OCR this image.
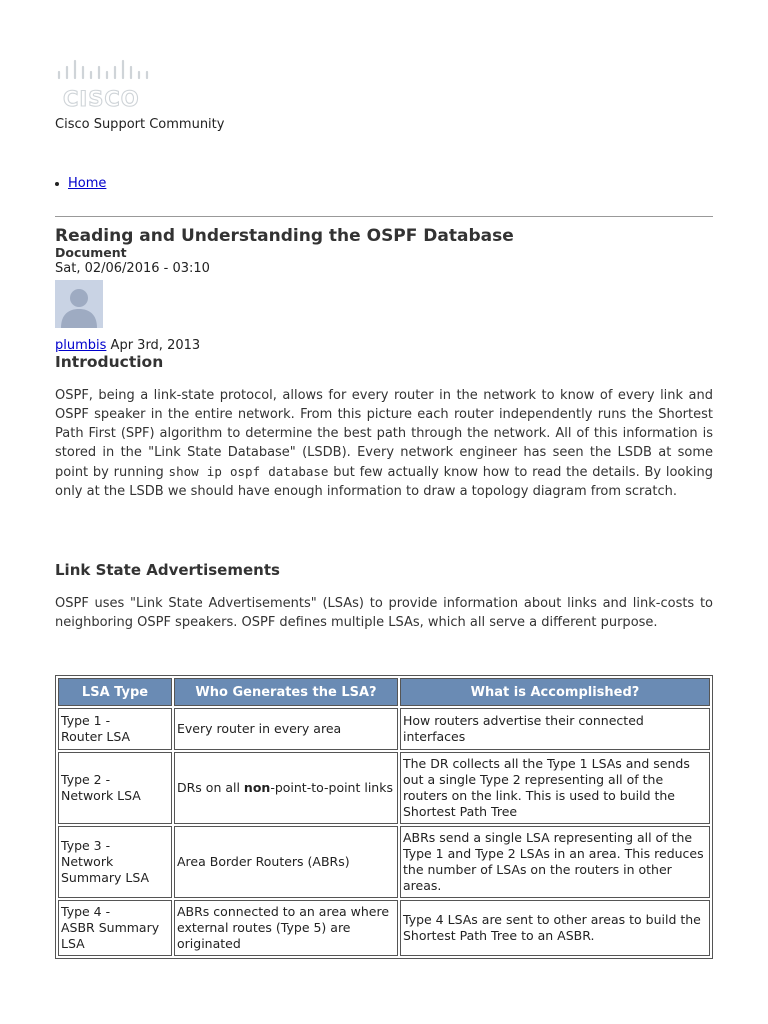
CISCO
Cisco Support Community
Home
Reading and Understanding the OSPF Database
Document
Sat, 02/06/2016 - 03:10
plumbis Apr 3rd, 2013
Introduction

OSPF, being a link-state protocol, allows for every router in the network to know of every link and OSPF speaker in the entire network. From this picture each router independently runs the Shortest Path First (SPF) algorithm to determine the best path through the network. All of this information is stored in the "Link State Database" (LSDB). Every network engineer has seen the LSDB at some point by running show ip ospf database but few actually know how to read the details. By looking only at the LSDB we should have enough information to draw a topology diagram from scratch.

Link State Advertisements

OSPF uses "Link State Advertisements" (LSAs) to provide information about links and link-costs to neighboring OSPF speakers. OSPF defines multiple LSAs, which all serve a different purpose.

LSA Type	Who Generates the LSA?	What is Accomplished?
Type 1 -
Router LSA	Every router in every area	How routers advertise their connected interfaces
Type 2 -
Network LSA	DRs on all non-point-to-point links	The DR collects all the Type 1 LSAs and sends out a single Type 2 representing all of the routers on the link. This is used to build the Shortest Path Tree
Type 3 -
Network Summary LSA	Area Border Routers (ABRs)	ABRs send a single LSA representing all of the Type 1 and Type 2 LSAs in an area. This reduces the number of LSAs on the routers in other areas.
Type 4 -
ASBR Summary LSA	ABRs connected to an area where external routes (Type 5) are originated	Type 4 LSAs are sent to other areas to build the Shortest Path Tree to an ASBR.
